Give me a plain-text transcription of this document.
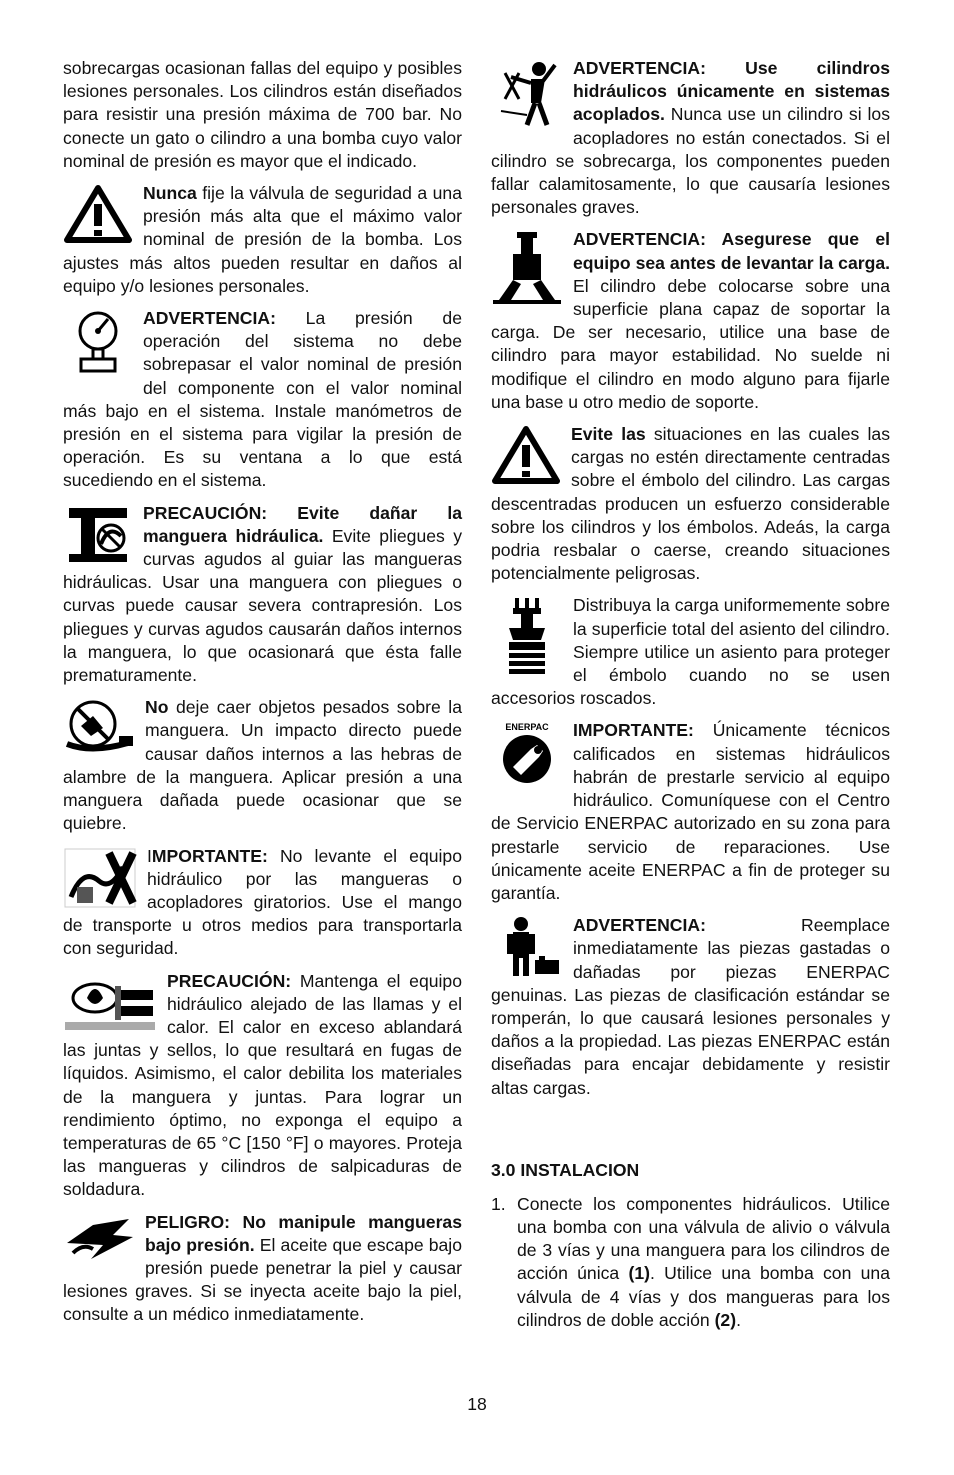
sobrecargas ocasionan fallas del equipo y posibles lesiones personales. Los cilindros están diseñados para resistir una presión máxima de 700 bar. No conecte un gato o cilindro a una bomba cuyo valor nominal de presión es mayor que el indicado.

Nunca fije la válvula de seguridad a una presión más alta que el máximo valor nominal de presión de la bomba. Los ajustes más altos pueden resultar en daños al equipo y/o lesiones personales.

ADVERTENCIA: La presión de operación del sistema no debe sobrepasar el valor nominal de presión del componente con el valor nominal más bajo en el sistema. Instale manómetros de presión en el sistema para vigilar la presión de operación. Es su ventana a lo que está sucediendo en el sistema.

PRECAUCIÓN: Evite dañar la manguera hidráulica. Evite pliegues y curvas agudos al guiar las mangueras hidráulicas. Usar una manguera con pliegues o curvas puede causar severa contrapresión. Los pliegues y curvas agudos causarán daños internos la manguera, lo que ocasionará que ésta falle prematuramente.

No deje caer objetos pesados sobre la manguera. Un impacto directo puede causar daños internos a las hebras de alambre de la manguera. Aplicar presión a una manguera dañada puede ocasionar que se quiebre.

IMPORTANTE: No levante el equipo hidráulico por las mangueras o acopladores giratorios. Use el mango de transporte u otros medios para transportarla con seguridad.

PRECAUCIÓN: Mantenga el equipo hidráulico alejado de las llamas y el calor. El calor en exceso ablandará las juntas y sellos, lo que resultará en fugas de líquidos. Asimismo, el calor debilita los materiales de la manguera y juntas. Para lograr un rendimiento óptimo, no exponga el equipo a temperaturas de 65 °C [150 °F] o mayores. Proteja las mangueras y cilindros de salpicaduras de soldadura.

PELIGRO: No manipule mangueras bajo presión. El aceite que escape bajo presión puede penetrar la piel y causar lesiones graves. Si se inyecta aceite bajo la piel, consulte a un médico inmediatamente.

ADVERTENCIA: Use cilindros hidráulicos únicamente en sistemas acoplados. Nunca use un cilindro si los acopladores no están conectados. Si el cilindro se sobrecarga, los componentes pueden fallar calamitosamente, lo que causaría lesiones personales graves.

ADVERTENCIA: Asegurese que el equipo sea antes de levantar la carga. El cilindro debe colocarse sobre una superficie plana capaz de soportar la carga. De ser necesario, utilice una base de cilindro para mayor estabilidad. No suelde ni modifique el cilindro en modo alguno para fijarle una base u otro medio de soporte.

Evite las situaciones en las cuales las cargas no estén directamente centradas sobre el émbolo del cilindro. Las cargas descentradas producen un esfuerzo considerable sobre los cilindros y los émbolos. Adeás, la carga podria resbalar o caerse, creando situaciones potencialmente peligrosas.

Distribuya la carga uniformemente sobre la superficie total del asiento del cilindro. Siempre utilice un asiento para proteger el émbolo cuando no se usen accesorios roscados.

ENERPAC IMPORTANTE: Únicamente técnicos calificados en sistemas hidráulicos habrán de prestarle servicio al equipo hidráulico. Comuníquese con el Centro de Servicio ENERPAC autorizado en su zona para prestarle servicio de reparaciones. Use únicamente aceite ENERPAC a fin de proteger su garantía.

ADVERTENCIA: Reemplace inmediatamente las piezas gastadas o dañadas por piezas ENERPAC genuinas. Las piezas de clasificación estándar se romperán, lo que causará lesiones personales y daños a la propiedad. Las piezas ENERPAC están diseñadas para encajar debidamente y resistir altas cargas.

3.0 INSTALACION

1. Conecte los componentes hidráulicos. Utilice una bomba con una válvula de alivio o válvula de 3 vías y una manguera para los cilindros de acción única (1). Utilice una bomba con una válvula de 4 vías y dos mangueras para los cilindros de doble acción (2).

18
